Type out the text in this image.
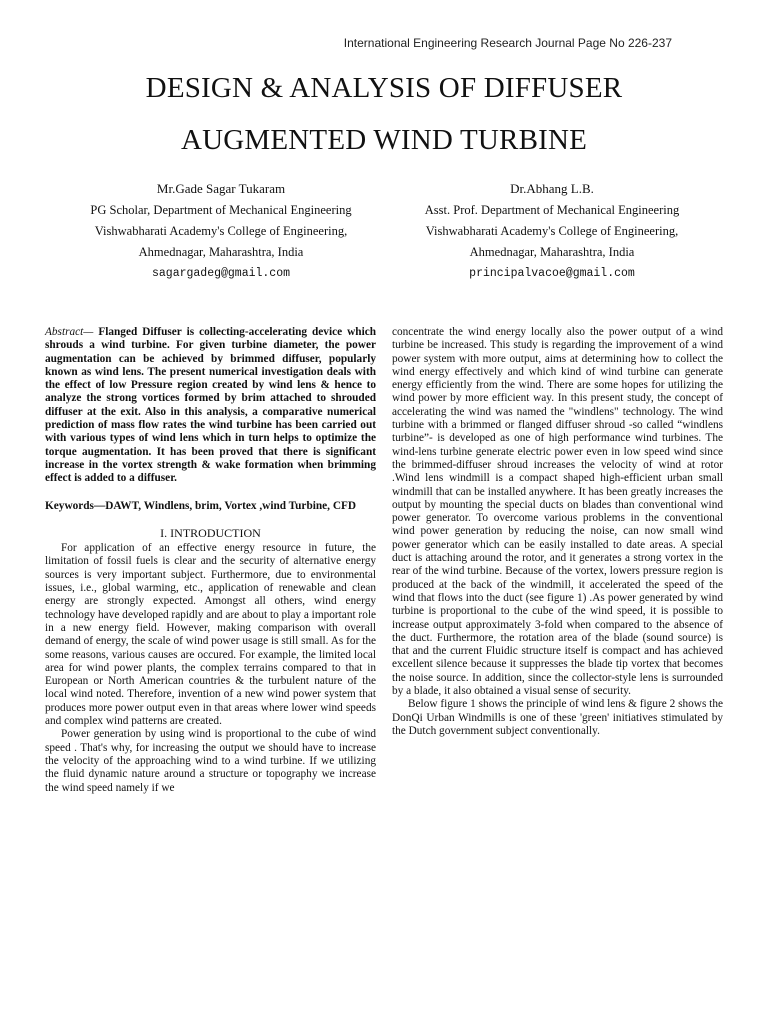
International Engineering Research Journal Page No 226-237
DESIGN & ANALYSIS OF DIFFUSER
AUGMENTED WIND TURBINE
Mr.Gade Sagar Tukaram
PG Scholar, Department of Mechanical Engineering
Vishwabharati Academy's College of Engineering,
Ahmednagar, Maharashtra, India
sagargadeg@gmail.com
Dr.Abhang L.B.
Asst. Prof. Department of Mechanical Engineering
Vishwabharati Academy's College of Engineering,
Ahmednagar, Maharashtra, India
principalvacoe@gmail.com

Abstract— Flanged Diffuser is collecting-accelerating device which shrouds a wind turbine. For given turbine diameter, the power augmentation can be achieved by brimmed diffuser, popularly known as wind lens. The present numerical investigation deals with the effect of low Pressure region created by wind lens & hence to analyze the strong vortices formed by brim attached to shrouded diffuser at the exit. Also in this analysis, a comparative numerical prediction of mass flow rates the wind turbine has been carried out with various types of wind lens which in turn helps to optimize the torque augmentation. It has been proved that there is significant increase in the vortex strength & wake formation when brimming effect is added to a diffuser.

Keywords—DAWT, Windlens, brim, Vortex ,wind Turbine, CFD

I. INTRODUCTION

For application of an effective energy resource in future, the limitation of fossil fuels is clear and the security of alternative energy sources is very important subject. Furthermore, due to environmental issues, i.e., global warming, etc., application of renewable and clean energy are strongly expected. Amongst all others, wind energy technology have developed rapidly and are about to play a important role in a new energy field. However, making comparison with overall demand of energy, the scale of wind power usage is still small. As for the some reasons, various causes are occured. For example, the limited local area for wind power plants, the complex terrains compared to that in European or North American countries & the turbulent nature of the local wind noted. Therefore, invention of a new wind power system that produces more power output even in that areas where lower wind speeds and complex wind patterns are created.

Power generation by using wind is proportional to the cube of wind speed . That's why, for increasing the output we should have to increase the velocity of the approaching wind to a wind turbine. If we utilizing the fluid dynamic nature around a structure or topography we increase the wind speed namely if we

concentrate the wind energy locally also the power output of a wind turbine be increased. This study is regarding the improvement of a wind power system with more output, aims at determining how to collect the wind energy effectively and which kind of wind turbine can generate energy efficiently from the wind. There are some hopes for utilizing the wind power by more efficient way. In this present study, the concept of accelerating the wind was named the "windlens" technology. The wind turbine with a brimmed or flanged diffuser shroud -so called “windlens turbine”- is developed as one of high performance wind turbines. The wind-lens turbine generate electric power even in low speed wind since the brimmed-diffuser shroud increases the velocity of wind at rotor .Wind lens windmill is a compact shaped high-efficient urban small windmill that can be installed anywhere. It has been greatly increases the output by mounting the special ducts on blades than conventional wind power generator. To overcome various problems in the conventional wind power generation by reducing the noise, can now small wind power generator which can be easily installed to date areas. A special duct is attaching around the rotor, and it generates a strong vortex in the rear of the wind turbine. Because of the vortex, lowers pressure region is produced at the back of the windmill, it accelerated the speed of the wind that flows into the duct (see figure 1) .As power generated by wind turbine is proportional to the cube of the wind speed, it is possible to increase output approximately 3-fold when compared to the absence of the duct. Furthermore, the rotation area of the blade (sound source) is that and the current Fluidic structure itself is compact and has achieved excellent silence because it suppresses the blade tip vortex that becomes the noise source. In addition, since the collector-style lens is surrounded by a blade, it also obtained a visual sense of security.

Below figure 1 shows the principle of wind lens & figure 2 shows the DonQi Urban Windmills is one of these 'green' initiatives stimulated by the Dutch government subject conventionally.
